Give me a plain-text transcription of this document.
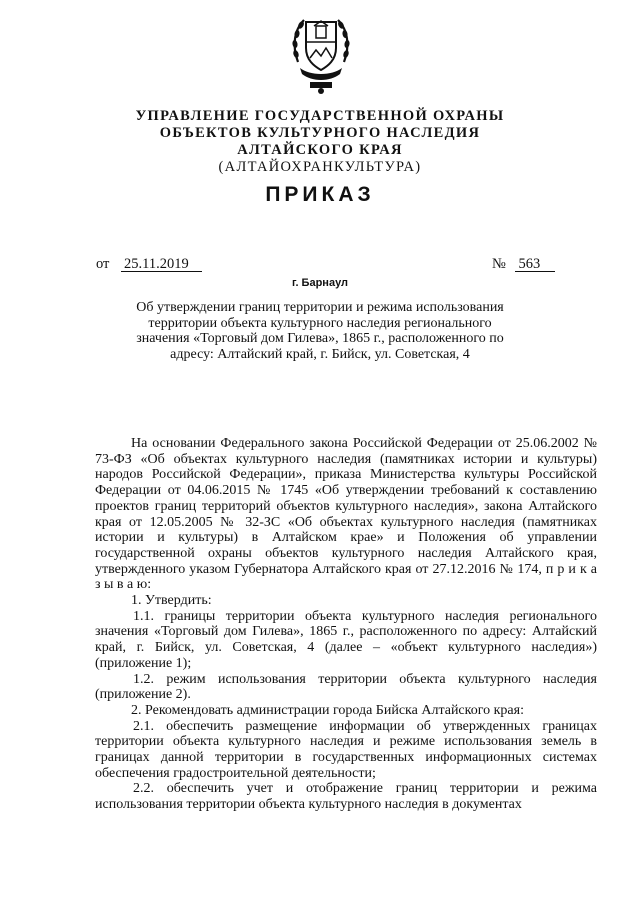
УПРАВЛЕНИЕ ГОСУДАРСТВЕННОЙ ОХРАНЫ
ОБЪЕКТОВ КУЛЬТУРНОГО НАСЛЕДИЯ
АЛТАЙСКОГО КРАЯ
(АЛТАЙОХРАНКУЛЬТУРА)
ПРИКАЗ
от 25.11.2019	№ 563
г. Барнаул
Об утверждении границ территории и режима использования территории объекта культурного наследия регионального значения «Торговый дом Гилева», 1865 г., расположенного по адресу: Алтайский край, г. Бийск, ул. Советская, 4

На основании Федерального закона Российской Федерации от 25.06.2002 № 73-ФЗ «Об объектах культурного наследия (памятниках истории и культуры) народов Российской Федерации», приказа Министерства культуры Российской Федерации от 04.06.2015 № 1745 «Об утверждении требований к составлению проектов границ территорий объектов культурного наследия», закона Алтайского края от 12.05.2005 № 32-ЗС «Об объектах культурного наследия (памятниках истории и культуры) в Алтайском крае» и Положения об управлении государственной охраны объектов культурного наследия Алтайского края, утвержденного указом Губернатора Алтайского края от 27.12.2016 № 174, п р и к а з ы в а ю:

1. Утвердить:

1.1. границы территории объекта культурного наследия регионального значения «Торговый дом Гилева», 1865 г., расположенного по адресу: Алтайский край, г. Бийск, ул. Советская, 4 (далее – «объект культурного наследия») (приложение 1);

1.2. режим использования территории объекта культурного наследия (приложение 2).

2. Рекомендовать администрации города Бийска Алтайского края:

2.1. обеспечить размещение информации об утвержденных границах территории объекта культурного наследия и режиме использования земель в границах данной территории в государственных информационных системах обеспечения градостроительной деятельности;

2.2. обеспечить учет и отображение границ территории и режима использования территории объекта культурного наследия в документах
